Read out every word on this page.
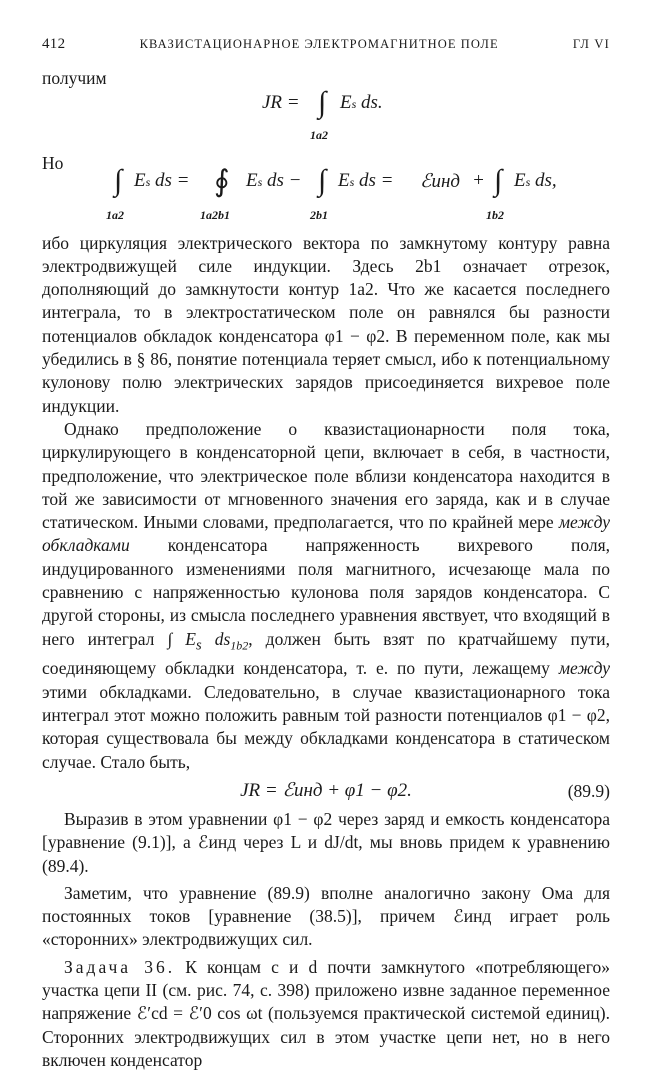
412	КВАЗИСТАЦИОНАРНОЕ ЭЛЕКТРОМАГНИТНОЕ ПОЛЕ	ГЛ VI

получим

JR = ∫ Es ds.
1a2

Но

∫ Es ds = ∮ Es ds − ∫ Es ds = ℰинд + ∫ Es ds,
1a2	1a2b1	2b1	1b2

ибо циркуляция электрического вектора по замкнутому контуру равна электродвижущей силе индукции. Здесь 2b1 означает отрезок, дополняющий до замкнутости контур 1a2. Что же касается последнего интеграла, то в электростатическом поле он равнялся бы разности потенциалов обкладок конденсатора φ1 − φ2. В переменном поле, как мы убедились в § 86, понятие потенциала теряет смысл, ибо к потенциальному кулонову полю электрических зарядов присоединяется вихревое поле индукции.

Однако предположение о квазистационарности поля тока, циркулирующего в конденсаторной цепи, включает в себя, в частности, предположение, что электрическое поле вблизи конденсатора находится в той же зависимости от мгновенного значения его заряда, как и в случае статическом. Иными словами, предполагается, что по крайней мере между обкладками конденсатора напряженность вихревого поля, индуцированного изменениями поля магнитного, исчезающе мала по сравнению с напряженностью кулонова поля зарядов конденсатора. С другой стороны, из смысла последнего уравнения явствует, что входящий в него интеграл ∫ $E_s$ $ds_{1b2}$, должен быть взят по кратчайшему пути, соединяющему обкладки конденсатора, т. е. по пути, лежащему между этими обкладками. Следовательно, в случае квазистационарного тока интеграл этот можно положить равным той разности потенциалов φ1 − φ2, которая существовала бы между обкладками конденсатора в статическом случае. Стало быть,

JR = ℰинд + φ1 − φ2.	(89.9)

Выразив в этом уравнении φ1 − φ2 через заряд и емкость конденсатора [уравнение (9.1)], а ℰинд через L и dJ/dt, мы вновь придем к уравнению (89.4).

Заметим, что уравнение (89.9) вполне аналогично закону Ома для постоянных токов [уравнение (38.5)], причем ℰинд играет роль «сторонних» электродвижущих сил.

Задача 36. К концам c и d почти замкнутого «потребляющего» участка цепи II (см. рис. 74, с. 398) приложено извне заданное переменное напряжение ℰ′cd = ℰ′0 cos ωt (пользуемся практической системой единиц). Сторонних электродвижущих сил в этом участке цепи нет, но в него включен конденсатор
